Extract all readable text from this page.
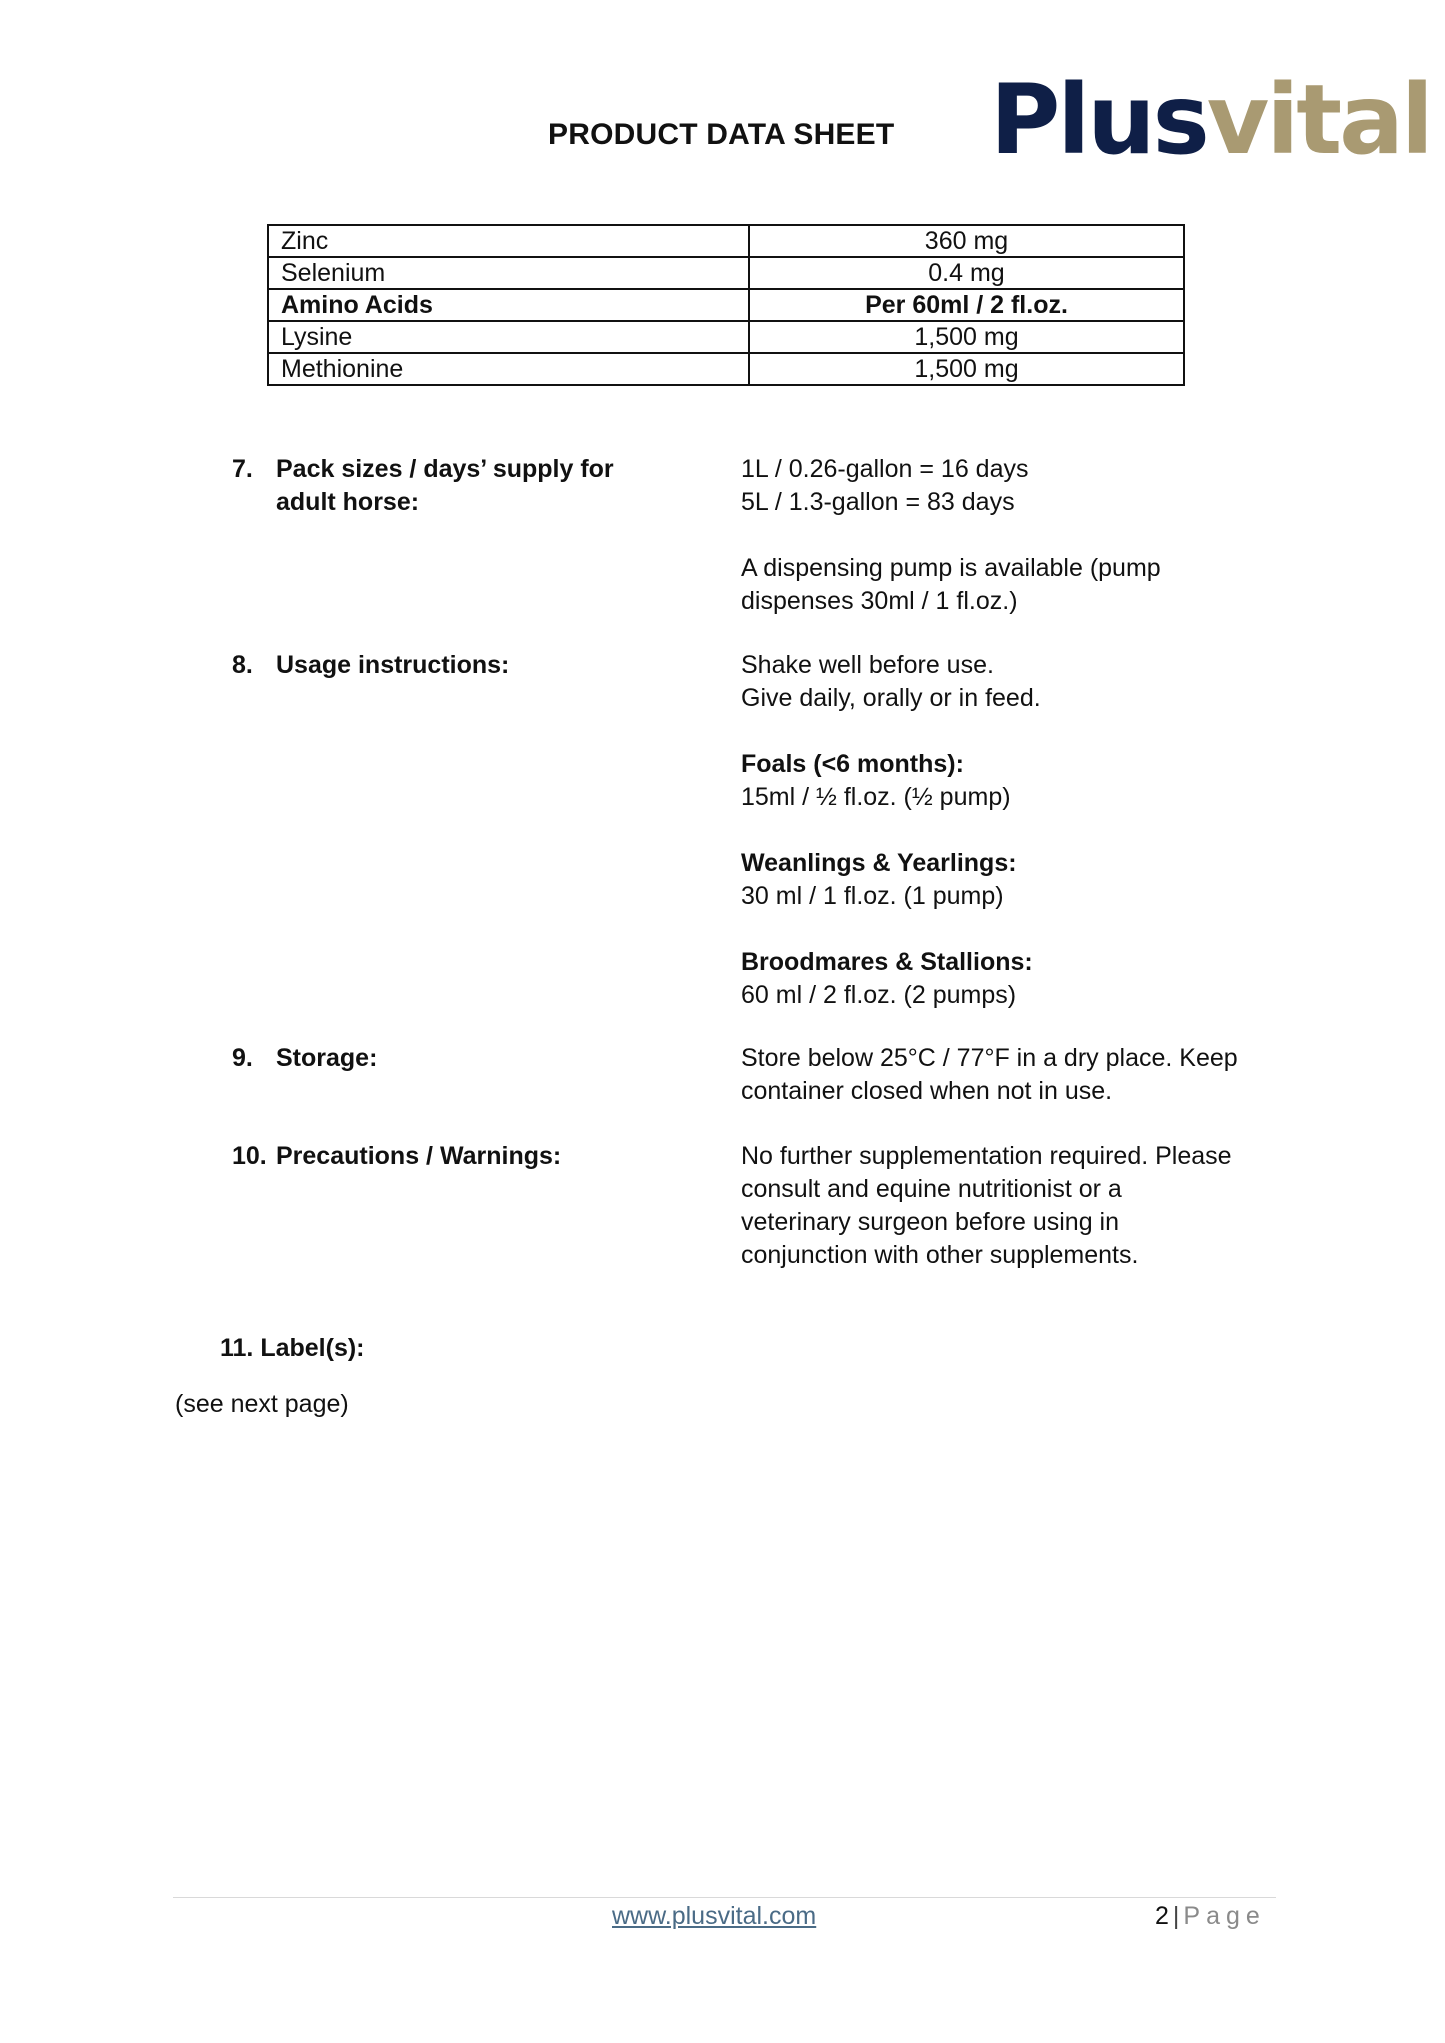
PRODUCT DATA SHEET Plusvital
Zinc	360 mg
Selenium	0.4 mg
Amino Acids	Per 60ml / 2 fl.oz.
Lysine	1,500 mg
Methionine	1,500 mg
7. Pack sizes / days’ supply for
adult horse:

1L / 0.26-gallon = 16 days

5L / 1.3-gallon = 83 days

A dispensing pump is available (pump

dispenses 30ml / 1 fl.oz.)

8. Usage instructions:	Shake well before use.

Give daily, orally or in feed.

Foals (<6 months):

15ml / ½ fl.oz. (½ pump)

Weanlings & Yearlings:

30 ml / 1 fl.oz. (1 pump)

Broodmares & Stallions:

60 ml / 2 fl.oz. (2 pumps)

9. Storage:	Store below 25°C / 77°F in a dry place. Keep

container closed when not in use.

10. Precautions / Warnings:	No further supplementation required. Please

consult and equine nutritionist or a

veterinary surgeon before using in

conjunction with other supplements.

11. Label(s):
(see next page)
www.plusvital.com	2 | Page
